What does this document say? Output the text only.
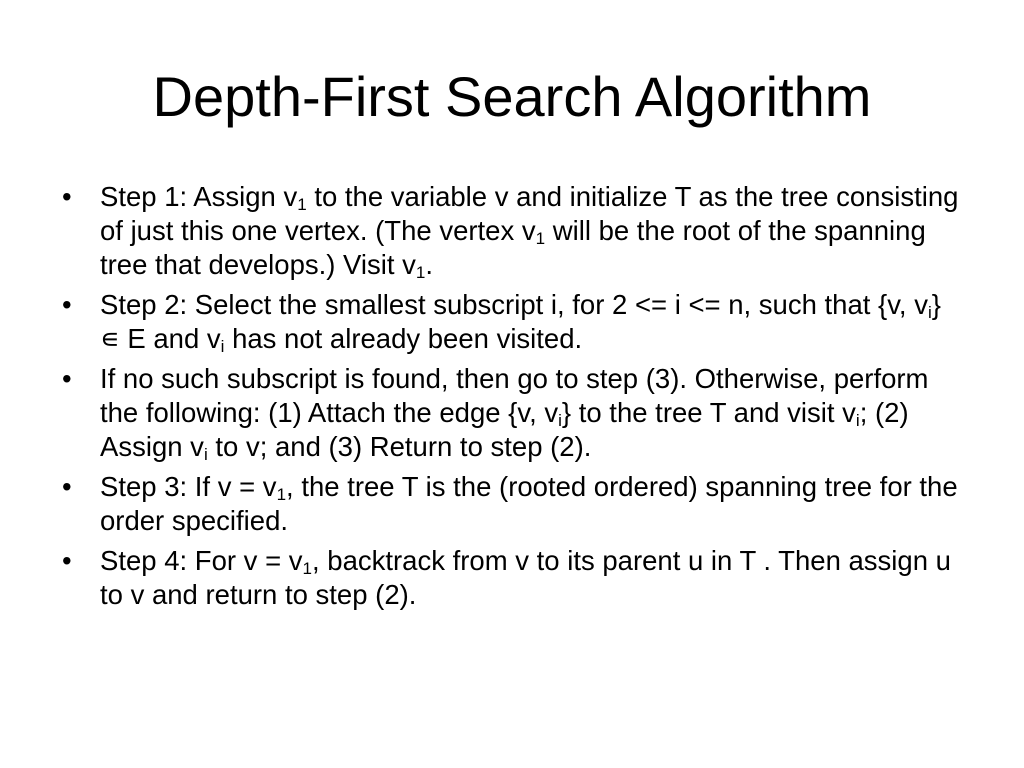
Depth-First Search Algorithm
•	Step 1: Assign $v_1$ to the variable v and initialize T as the tree consisting of just this one vertex. (The vertex $v_1$ will be the root of the spanning tree that develops.) Visit $v_1$.
•	Step 2: Select the smallest subscript i, for 2 <= i <= n, such that {v, $v_i$} ∊ E and $v_i$ has not already been visited.
•	If no such subscript is found, then go to step (3). Otherwise, perform the following: (1) Attach the edge {v, $v_i$} to the tree T and visit $v_i$; (2) Assign $v_i$ to v; and (3) Return to step (2).
•	Step 3: If $v = v_1$, the tree T is the (rooted ordered) spanning tree for the order specified.
•	Step 4: For $v = v_1$, backtrack from v to its parent u in T . Then assign u to v and return to step (2).
